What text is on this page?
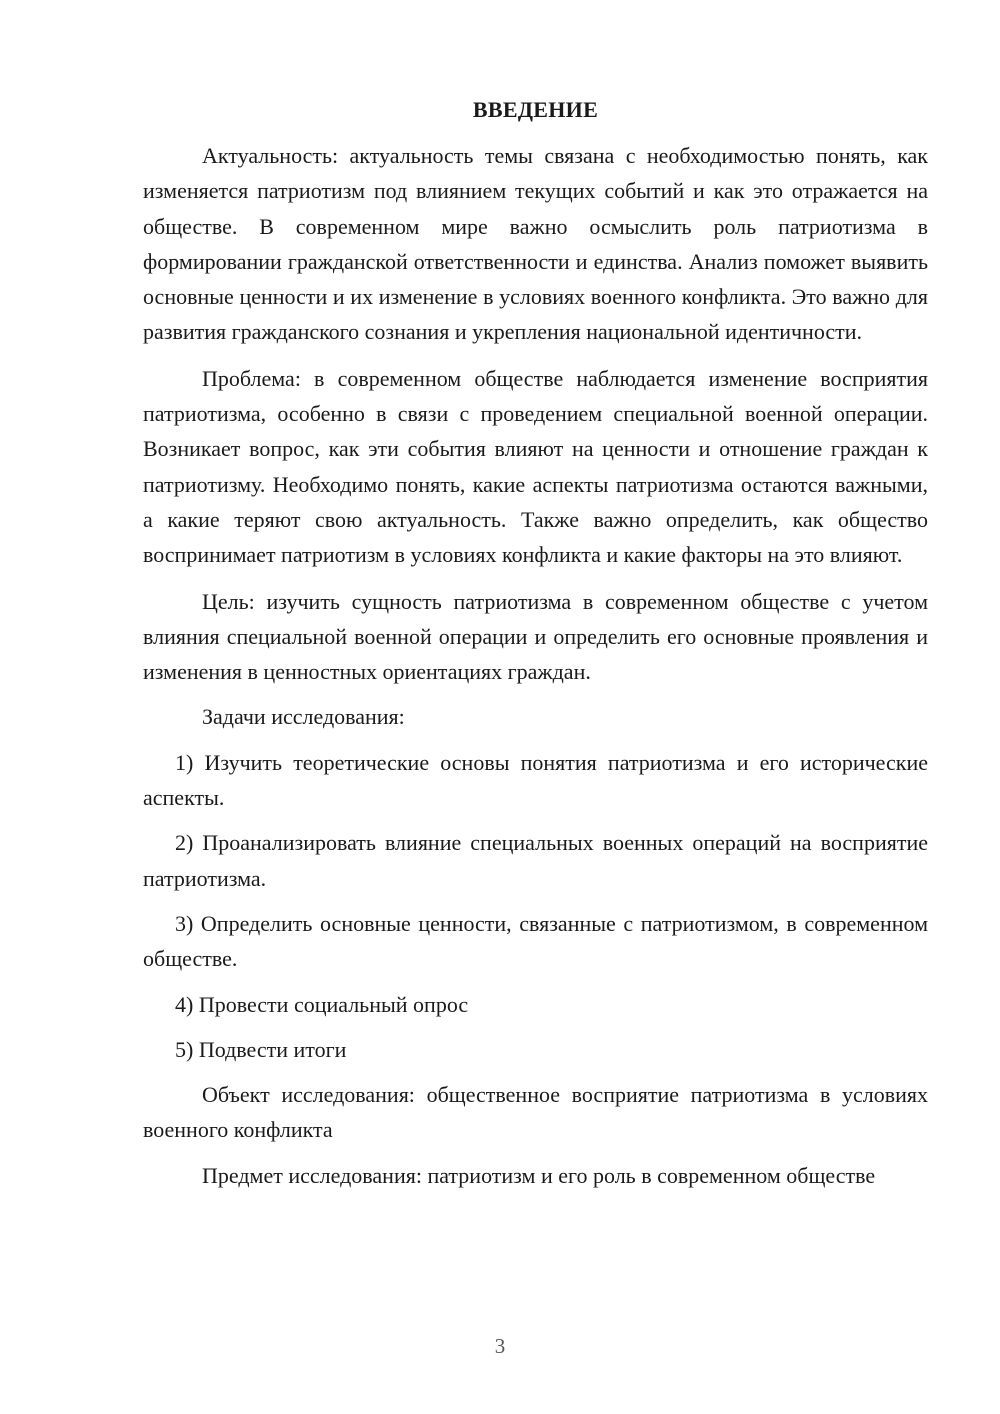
ВВЕДЕНИЕ

Актуальность: актуальность темы связана с необходимостью понять, как изменяется патриотизм под влиянием текущих событий и как это отражается на обществе. В современном мире важно осмыслить роль патриотизма в формировании гражданской ответственности и единства. Анализ поможет выявить основные ценности и их изменение в условиях военного конфликта. Это важно для развития гражданского сознания и укрепления национальной идентичности.

Проблема: в современном обществе наблюдается изменение восприятия патриотизма, особенно в связи с проведением специальной военной операции. Возникает вопрос, как эти события влияют на ценности и отношение граждан к патриотизму. Необходимо понять, какие аспекты патриотизма остаются важными, а какие теряют свою актуальность. Также важно определить, как общество воспринимает патриотизм в условиях конфликта и какие факторы на это влияют.

Цель: изучить сущность патриотизма в современном обществе с учетом влияния специальной военной операции и определить его основные проявления и изменения в ценностных ориентациях граждан.

Задачи исследования:

1) Изучить теоретические основы понятия патриотизма и его исторические аспекты.

2) Проанализировать влияние специальных военных операций на восприятие патриотизма.

3) Определить основные ценности, связанные с патриотизмом, в современном обществе.

4) Провести социальный опрос

5) Подвести итоги

Объект исследования: общественное восприятие патриотизма в условиях военного конфликта

Предмет исследования: патриотизм и его роль в современном обществе

3
